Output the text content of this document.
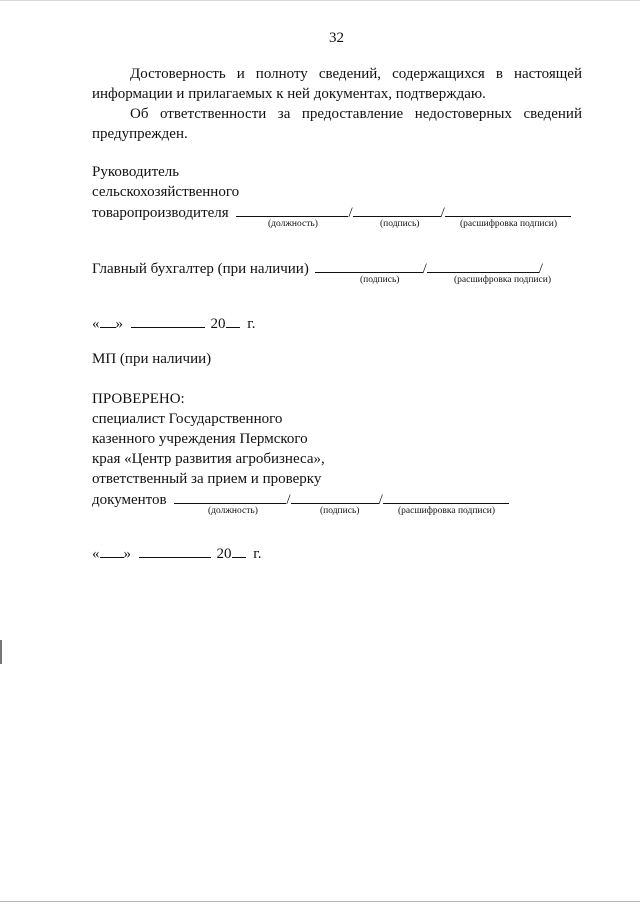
32
Достоверность и полноту сведений, содержащихся в настоящей информации и прилагаемых к ней документах, подтверждаю.
Об ответственности за предоставление недостоверных сведений предупрежден.
Руководитель
сельскохозяйственного
товаропроизводителя	/	/
(должность)	(подпись)	(расшифровка подписи)
Главный бухгалтер (при наличии)	/	/
(подпись)	(расшифровка подписи)
« »	20 г.
МП (при наличии)
ПРОВЕРЕНО:
специалист Государственного
казенного учреждения Пермского
края «Центр развития агробизнеса»,
ответственный за прием и проверку
документов	/	/
(должность)	(подпись)	(расшифровка подписи)
« »	20 г.
